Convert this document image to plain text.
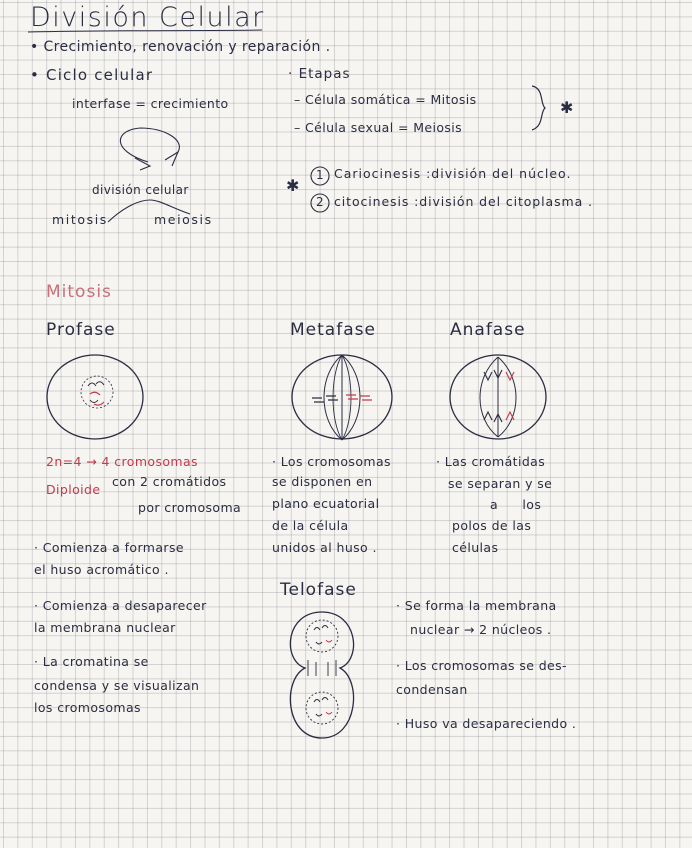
División Celular
• Crecimiento, renovación y reparación .
• Ciclo celular
interfase = crecimiento
división celular
mitosis	meiosis
· Etapas
– Célula somática = Mitosis
– Célula sexual = Meiosis
✱
✱
1
2
Cariocinesis :división del núcleo.
citocinesis :división del citoplasma .
Mitosis
Profase	Metafase	Anafase
2n=4 → 4 cromosomas
Diploide
con 2 cromátidos
por cromosoma
· Comienza a formarse
el huso acromático .
· Comienza a desaparecer
la membrana nuclear
· La cromatina se
condensa y se visualizan
los cromosomas
· Los cromosomas
se disponen en
plano ecuatorial
de la célula
unidos al huso .
· Las cromátidas
se separan y se
a los
polos de las
células
Telofase
· Se forma la membrana
nuclear → 2 núcleos .
· Los cromosomas se des-
condensan
· Huso va desapareciendo .
